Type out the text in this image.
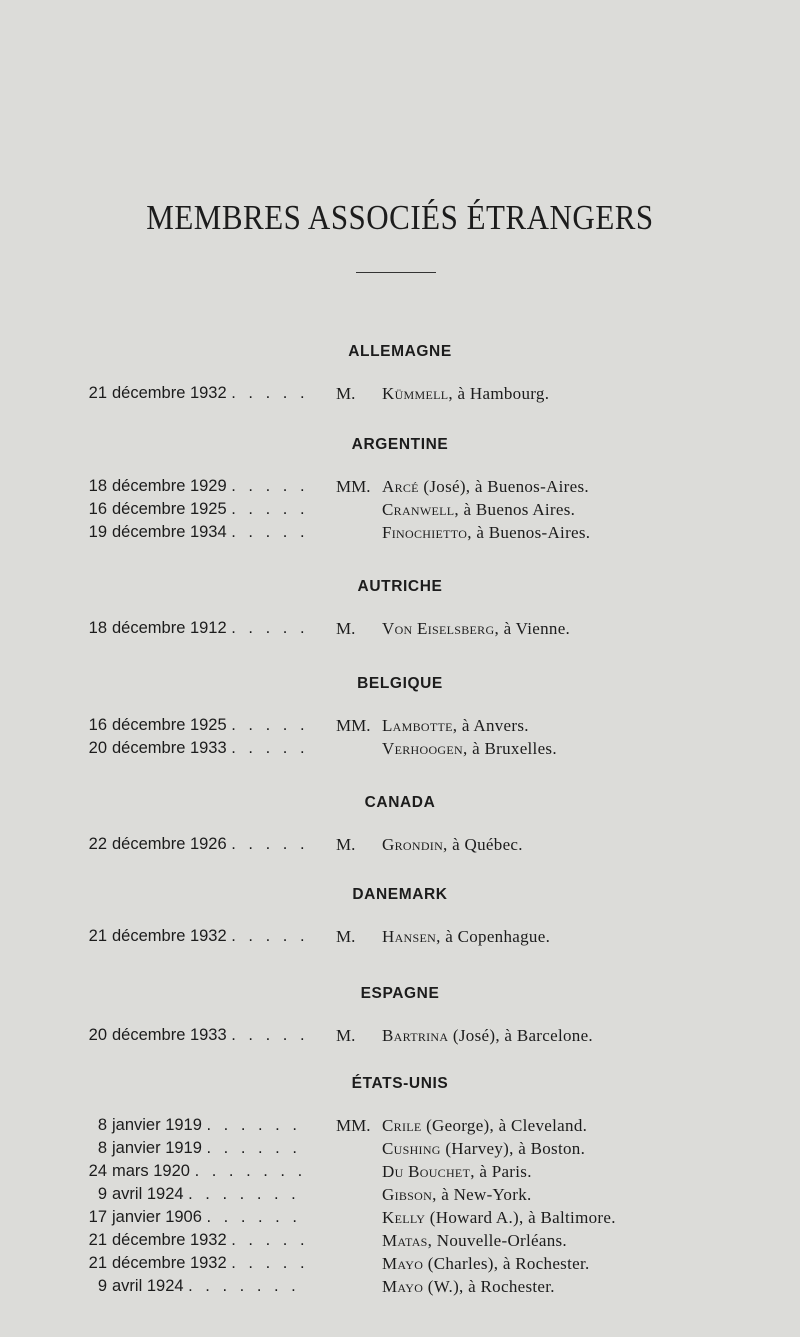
MEMBRES ASSOCIÉS ÉTRANGERS
ALLEMAGNE
21 décembre 1932 . . . . .	M. Kümmell, à Hambourg.
ARGENTINE
18 décembre 1929 . . . . .	MM. Arcé (José), à Buenos-Aires.
16 décembre 1925 . . . . .	Cranwell, à Buenos Aires.
19 décembre 1934 . . . . .	Finochietto, à Buenos-Aires.
AUTRICHE
18 décembre 1912 . . . . .	M. Von Eiselsberg, à Vienne.
BELGIQUE
16 décembre 1925 . . . . .	MM. Lambotte, à Anvers.
20 décembre 1933 . . . . .	Verhoogen, à Bruxelles.
CANADA
22 décembre 1926 . . . . .	M. Grondin, à Québec.
DANEMARK
21 décembre 1932 . . . . .	M. Hansen, à Copenhague.
ESPAGNE
20 décembre 1933 . . . . .	M. Bartrina (José), à Barcelone.
ÉTATS-UNIS
8 janvier 1919 . . . . . .	MM. Crile (George), à Cleveland.
8 janvier 1919 . . . . . .	Cushing (Harvey), à Boston.
24 mars 1920 . . . . . . .	Du Bouchet, à Paris.
9 avril 1924 . . . . . . .	Gibson, à New-York.
17 janvier 1906 . . . . . .	Kelly (Howard A.), à Baltimore.
21 décembre 1932 . . . . .	Matas, Nouvelle-Orléans.
21 décembre 1932 . . . . .	Mayo (Charles), à Rochester.
9 avril 1924 . . . . . . .	Mayo (W.), à Rochester.
